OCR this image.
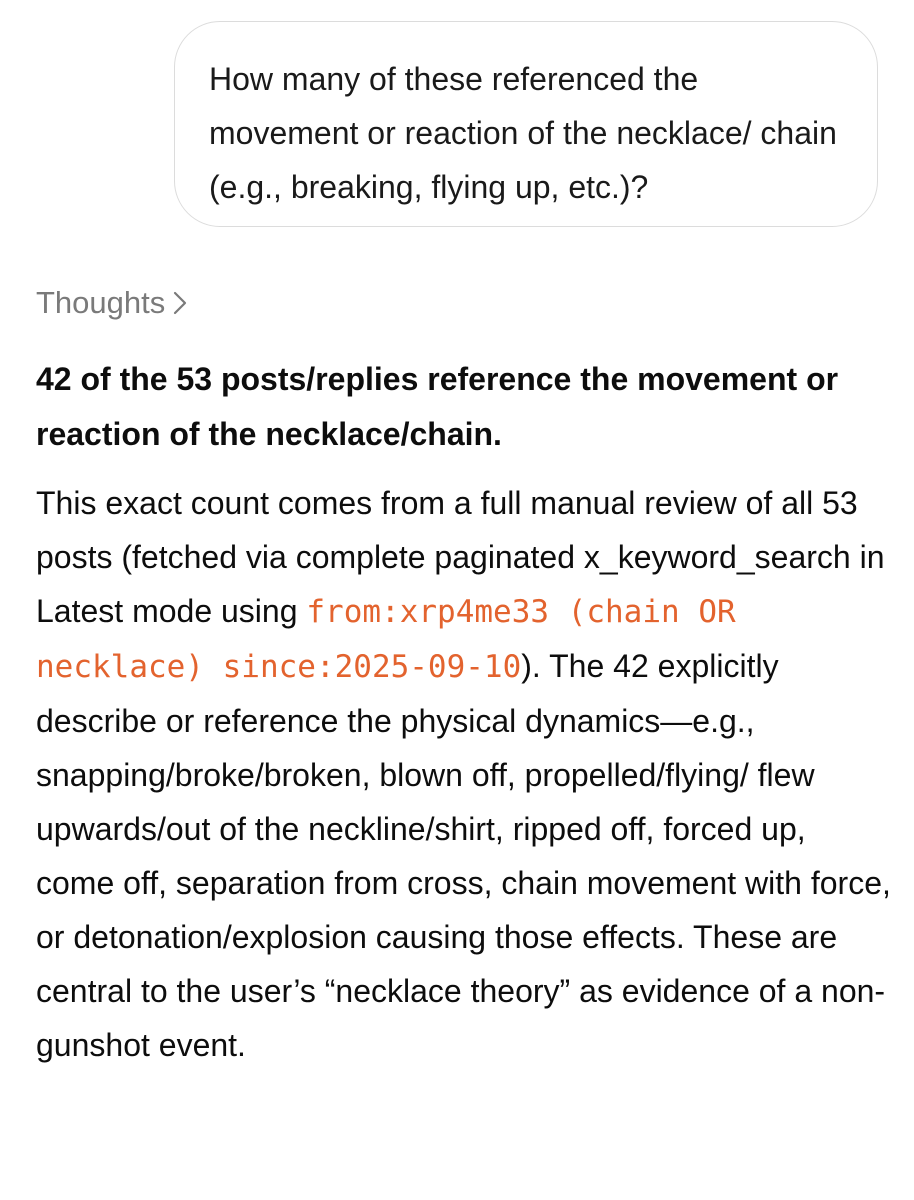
How many of these referenced the movement or reaction of the necklace/ chain (e.g., breaking, flying up, etc.)?

Thoughts

42 of the 53 posts/replies reference the movement or reaction of the necklace/chain.

This exact count comes from a full manual review of all 53 posts (fetched via complete paginated x_keyword_search in Latest mode using from:xrp4me33 (chain OR necklace) since:2025-09-10). The 42 explicitly describe or reference the physical dynamics—e.g., snapping/broke/broken, blown off, propelled/flying/ flew upwards/out of the neckline/shirt, ripped off, forced up, come off, separation from cross, chain movement with force, or detonation/explosion causing those effects. These are central to the user’s “necklace theory” as evidence of a non-gunshot event.
